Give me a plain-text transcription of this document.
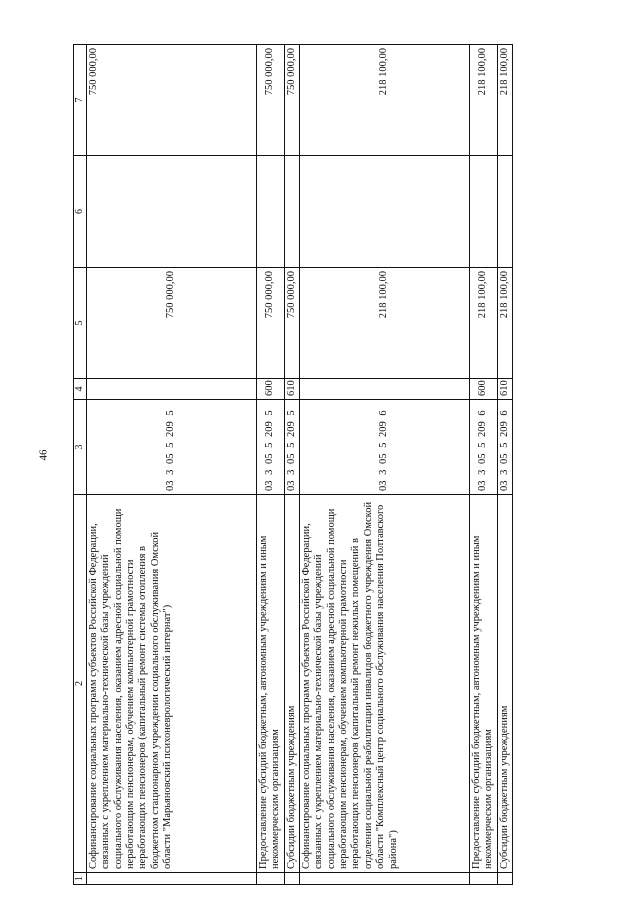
46
1	2	3	4	5	6	7
	Софинансирование социальных программ субъектов Российской Федерации, связанных с укреплением материально-технической базы учреждений социального обслуживания населения, оказанием адресной социальной помощи неработающим пенсионерам, обучением компьютерной грамотности неработающих пенсионеров (капитальный ремонт системы отопления в бюджетном стационарном учреждении социального обслуживания Омской области "Марьяновский психоневрологический интернат")	03 3 05 5 209 5		750 000,00		750 000,00
	Предоставление субсидий бюджетным, автономным учреждениям и иным некоммерческим организациям	03 3 05 5 209 5	600	750 000,00		750 000,00
	Субсидии бюджетным учреждениям	03 3 05 5 209 5	610	750 000,00		750 000,00
	Софинансирование социальных программ субъектов Российской Федерации, связанных с укреплением материально-технической базы учреждений социального обслуживания населения, оказанием адресной социальной помощи неработающим пенсионерам, обучением компьютерной грамотности неработающих пенсионеров (капитальный ремонт нежилых помещений в отделении социальной реабилитации инвалидов бюджетного учреждения Омской области "Комплексный центр социального обслуживания населения Полтавского района")	03 3 05 5 209 6		218 100,00		218 100,00
	Предоставление субсидий бюджетным, автономным учреждениям и иным некоммерческим организациям	03 3 05 5 209 6	600	218 100,00		218 100,00
	Субсидии бюджетным учреждениям	03 3 05 5 209 6	610	218 100,00		218 100,00
